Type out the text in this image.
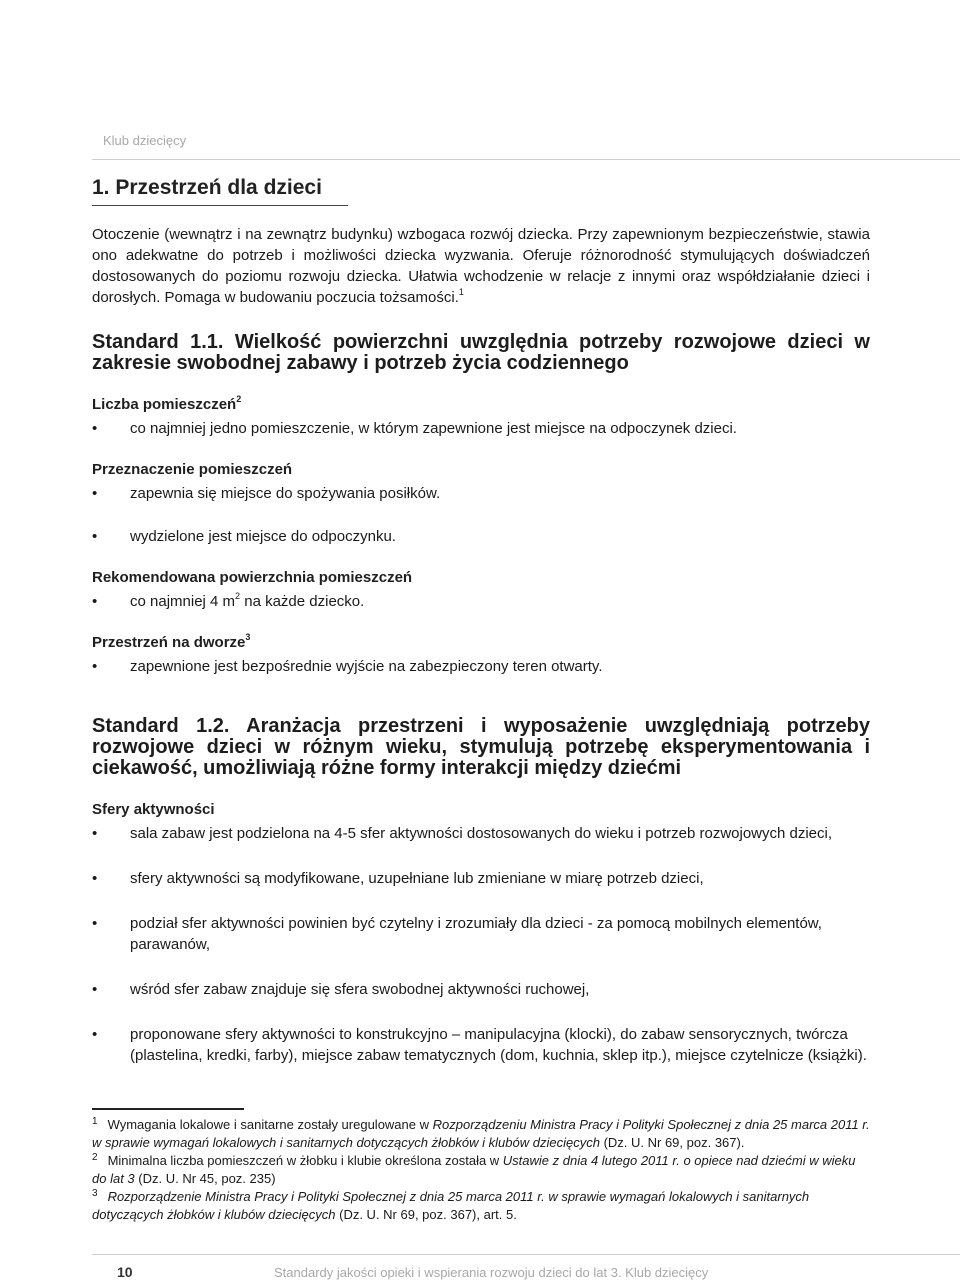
Klub dziecięcy
1. Przestrzeń dla dzieci

Otoczenie (wewnątrz i na zewnątrz budynku) wzbogaca rozwój dziecka. Przy zapewnionym bezpieczeństwie, stawia ono adekwatne do potrzeb i możliwości dziecka wyzwania. Oferuje różnorodność stymulujących doświadczeń dostosowanych do poziomu rozwoju dziecka. Ułatwia wchodzenie w relacje z innymi oraz współdziałanie dzieci i dorosłych. Pomaga w budowaniu poczucia tożsamości.$^1$

Standard 1.1. Wielkość powierzchni uwzględnia potrzeby rozwojowe dzieci w zakresie swobodnej zabawy i potrzeb życia codziennego
Liczba pomieszczeń$^2$
• co najmniej jedno pomieszczenie, w którym zapewnione jest miejsce na odpoczynek dzieci.
Przeznaczenie pomieszczeń
• zapewnia się miejsce do spożywania posiłków.
• wydzielone jest miejsce do odpoczynku.
Rekomendowana powierzchnia pomieszczeń
• co najmniej 4 $m^2$ na każde dziecko.
Przestrzeń na dworze$^3$
• zapewnione jest bezpośrednie wyjście na zabezpieczony teren otwarty.
Standard 1.2. Aranżacja przestrzeni i wyposażenie uwzględniają potrzeby rozwojowe dzieci w różnym wieku, stymulują potrzebę eksperymentowania i ciekawość, umożliwiają różne formy interakcji między dziećmi
Sfery aktywności
• sala zabaw jest podzielona na 4-5 sfer aktywności dostosowanych do wieku i potrzeb rozwojowych dzieci,
• sfery aktywności są modyfikowane, uzupełniane lub zmieniane w miarę potrzeb dzieci,
• podział sfer aktywności powinien być czytelny i zrozumiały dla dzieci - za pomocą mobilnych elementów, parawanów,
• wśród sfer zabaw znajduje się sfera swobodnej aktywności ruchowej,
• proponowane sfery aktywności to konstrukcyjno – manipulacyjna (klocki), do zabaw sensorycznych, twórcza (plastelina, kredki, farby), miejsce zabaw tematycznych (dom, kuchnia, sklep itp.), miejsce czytelnicze (książki).

$^1$ Wymagania lokalowe i sanitarne zostały uregulowane w Rozporządzeniu Ministra Pracy i Polityki Społecznej z dnia 25 marca 2011 r. w sprawie wymagań lokalowych i sanitarnych dotyczących żłobków i klubów dziecięcych (Dz. U. Nr 69, poz. 367).

$^2$ Minimalna liczba pomieszczeń w żłobku i klubie określona została w Ustawie z dnia 4 lutego 2011 r. o opiece nad dziećmi w wieku do lat 3 (Dz. U. Nr 45, poz. 235)

$^3$ Rozporządzenie Ministra Pracy i Polityki Społecznej z dnia 25 marca 2011 r. w sprawie wymagań lokalowych i sanitarnych dotyczących żłobków i klubów dziecięcych (Dz. U. Nr 69, poz. 367), art. 5.

10	Standardy jakości opieki i wspierania rozwoju dzieci do lat 3. Klub dziecięcy
